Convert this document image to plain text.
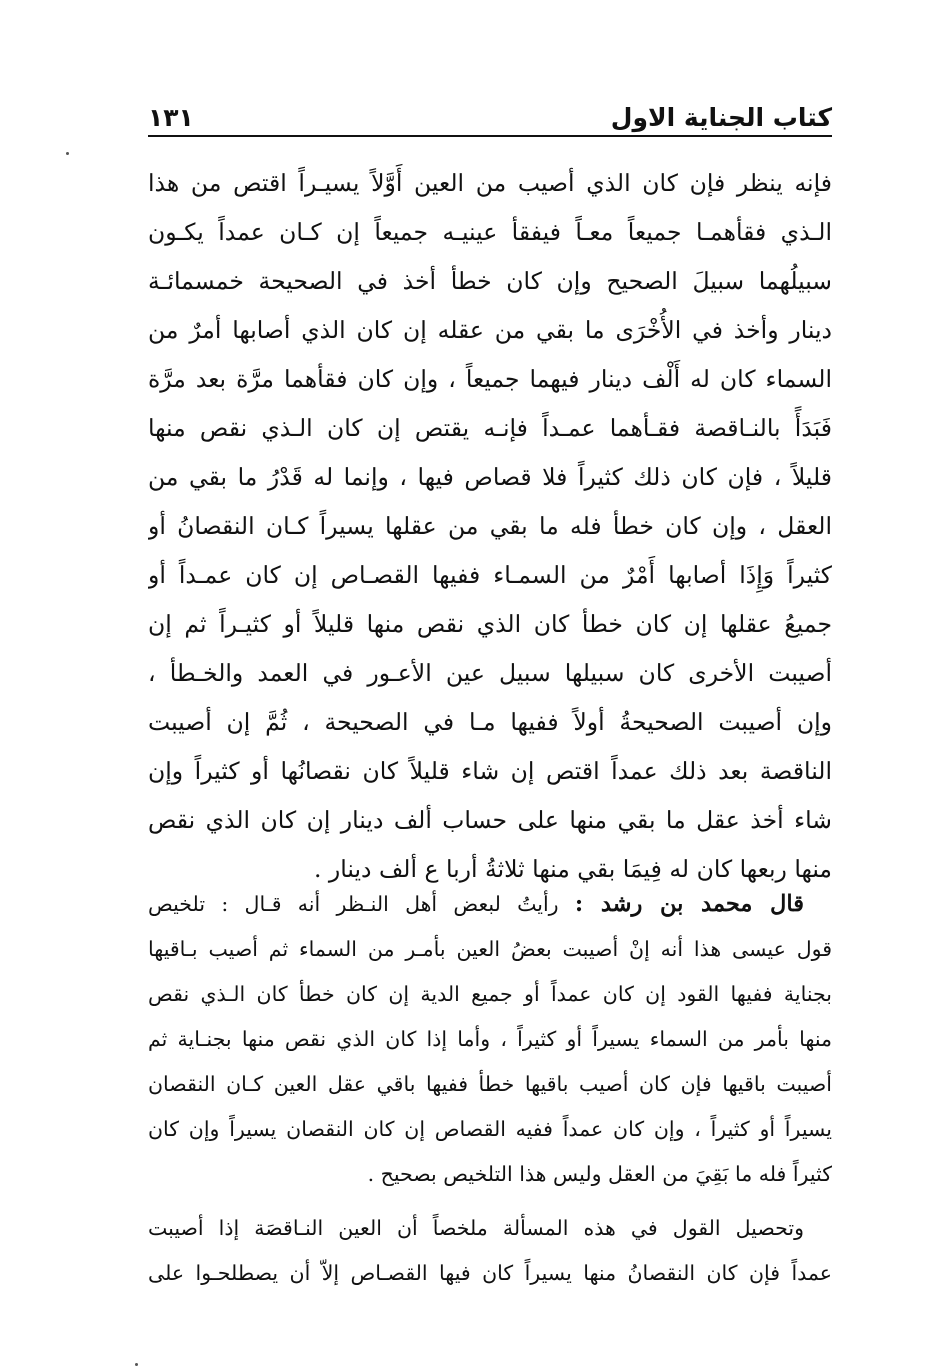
كتاب الجناية الاول
١٣١
فإنه ينظر فإن كان الذي أصيب من العين أَوَّلاً يسيـراً اقتص من هذا
الـذي فقأهمـا جميعاً معـاً فيفقأ عينيـه جميعاً إن كـان عمداً يكـون
سبيلُهما سبيلَ الصحيح وإن كان خطأ أخذ في الصحيحة خمسمائـة
دينار وأخذ في الأُخْرَى ما بقي من عقله إن كان الذي أصابها أمرٌ من
السماء كان له أَلْف دينار فيهما جميعاً ، وإن كان فقأهما مرَّة بعد مرَّة
فَبَدَأً بالنـاقصة فقـأهما عمـداً فإنـه يقتص إن كان الـذي نقص منها
قليلاً ، فإن كان ذلك كثيراً فلا قصاص فيها ، وإنما له قَدْرُ ما بقي من
العقل ، وإن كان خطأ فله ما بقي من عقلها يسيراً كـان النقصانُ أو
كثيراً وَإِذَا أصابها أَمْرٌ من السمـاء ففيها القصـاص إن كان عمـداً أو
جميعُ عقلها إن كان خطأ كان الذي نقص منها قليلاً أو كثيـراً ثم إن
أصيبت الأخرى كان سبيلها سبيل عين الأعـور في العمد والخـطأ ،
وإن أصيبت الصحيحةُ أولاً ففيها مـا في الصحيحة ، ثُمَّ إن أصيبت
الناقصة بعد ذلك عمداً اقتص إن شاء قليلاً كان نقصانُها أو كثيراً وإن
شاء أخذ عقل ما بقي منها على حساب ألف دينار إن كان الذي نقص
منها ربعها كان له فِيمَا بقي منها ثلاثةُ أربا ع ألف دينار .
قال محمد بن رشد : رأيتُ لبعض أهل النـظر أنه قـال : تلخيص
قول عيسى هذا أنه إنْ أصيبت بعضُ العين بأمـر من السماء ثم أصيب بـاقيها
بجناية ففيها القود إن كان عمداً أو جميع الدية إن كان خطأ كان الـذي نقص
منها بأمر من السماء يسيراً أو كثيراً ، وأما إذا كان الذي نقص منها بجنـاية ثم
أصيبت باقيها فإن كان أصيب باقيها خطأ ففيها باقي عقل العين كـان النقصان
يسيراً أو كثيراً ، وإن كان عمداً ففيه القصاص إن كان النقصان يسيراً وإن كان
كثيراً فله ما بَقِيَ من العقل وليس هذا التلخيص بصحيح .
وتحصيل القول في هذه المسألة ملخصاً أن العين النـاقصَة إذا أصيبت
عمداً فإن كان النقصانُ منها يسيراً كان فيها القصـاص إلاّ أن يصطلحـوا على
